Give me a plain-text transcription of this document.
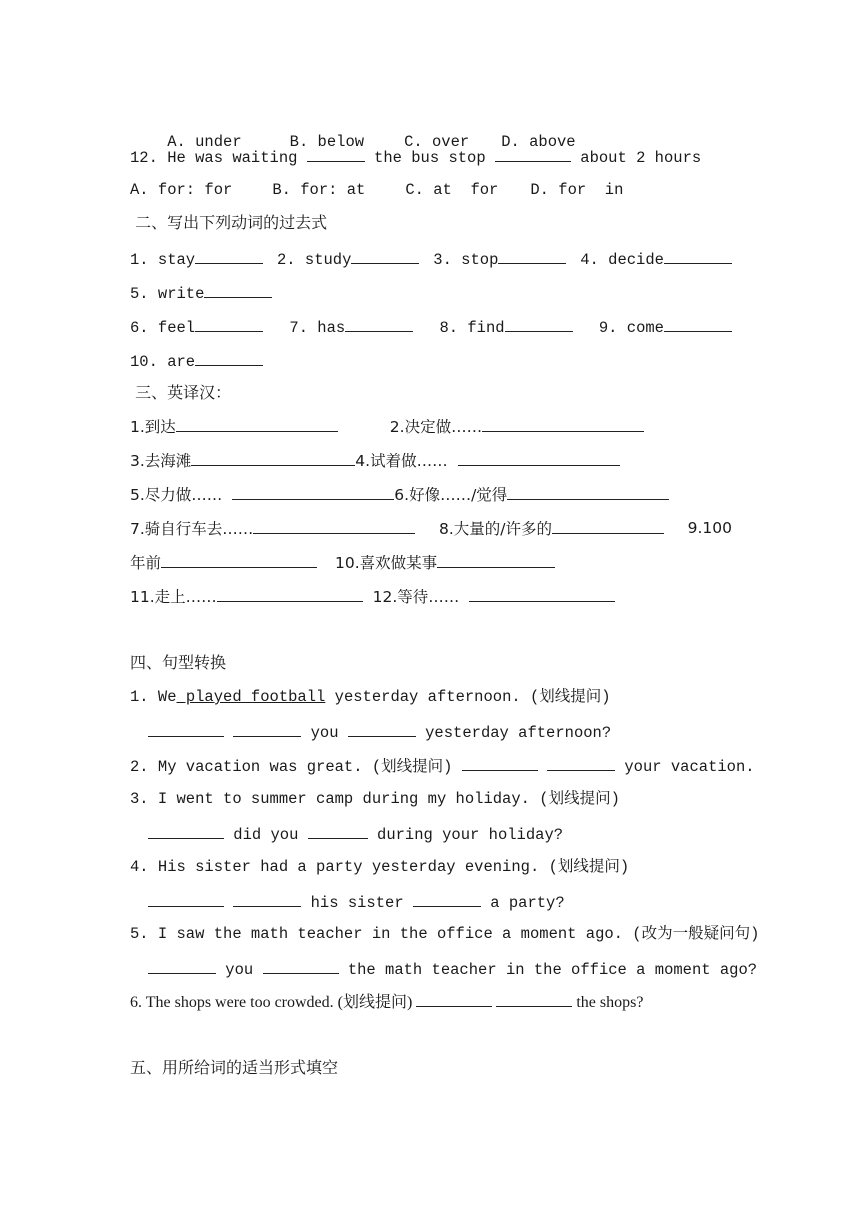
A. under	B. below	C. over D. above

12. He was waiting	the bus stop	about 2 hours
A. for: for	B. for: at	C. at  for D. for  in
二、写出下列动词的过去式
1. stay	2. study	3. stop	4. decide
5. write
6. feel	7. has	8. find	9. come
10. are
三、英译汉：
1.到达	2.决定做……
3.去海滩	4.试着做……
5.尽力做……	6.好像……/觉得
7.骑自行车去……	8.大量的/许多的	9.100
年前	10.喜欢做某事
11.走上……	12.等待……
四、句型转换
1. We played football yesterday afternoon. (划线提问)
you	yesterday afternoon?
2. My vacation was great. (划线提问)	your vacation.
3. I went to summer camp during my holiday. (划线提问)
did you	during your holiday?
4. His sister had a party yesterday evening. (划线提问)
his sister	a party?
5. I saw the math teacher in the office a moment ago. (改为一般疑问句)
you	the math teacher in the office a moment ago?
6. The shops were too crowded. (划线提问)	the shops?
五、用所给词的适当形式填空
